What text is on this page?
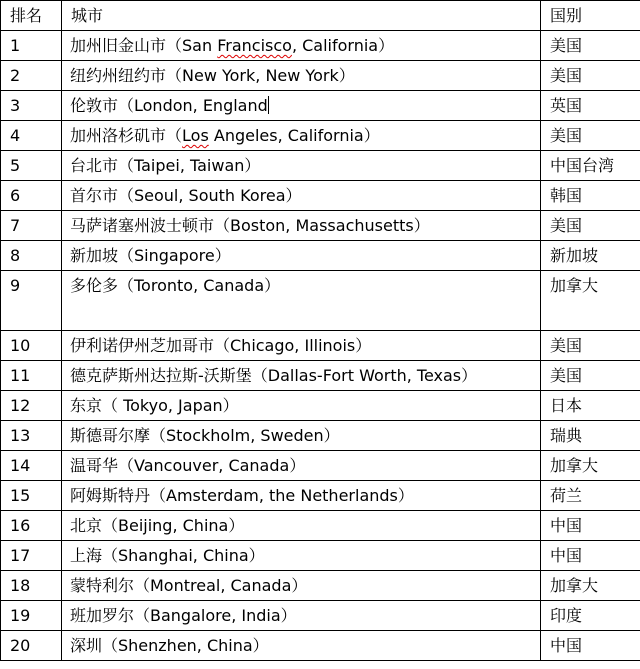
排名	城市	国别
1	加州旧金山市（San Francisco, California）	美国
2	纽约州纽约市（New York, New York）	美国
3	伦敦市（London, England	英国
4	加州洛杉矶市（Los Angeles, California）	美国
5	台北市（Taipei, Taiwan）	中国台湾
6	首尔市（Seoul, South Korea）	韩国
7	马萨诸塞州波士顿市（Boston, Massachusetts）	美国
8	新加坡（Singapore）	新加坡
9	多伦多（Toronto, Canada）	加拿大
10	伊利诺伊州芝加哥市（Chicago, Illinois）	美国
11	德克萨斯州达拉斯-沃斯堡（Dallas-Fort Worth, Texas）	美国
12	东京（ Tokyo, Japan）	日本
13	斯德哥尔摩（Stockholm, Sweden）	瑞典
14	温哥华（Vancouver, Canada）	加拿大
15	阿姆斯特丹（Amsterdam, the Netherlands）	荷兰
16	北京（Beijing, China）	中国
17	上海（Shanghai, China）	中国
18	蒙特利尔（Montreal, Canada）	加拿大
19	班加罗尔（Bangalore, India）	印度
20	深圳（Shenzhen, China）	中国
